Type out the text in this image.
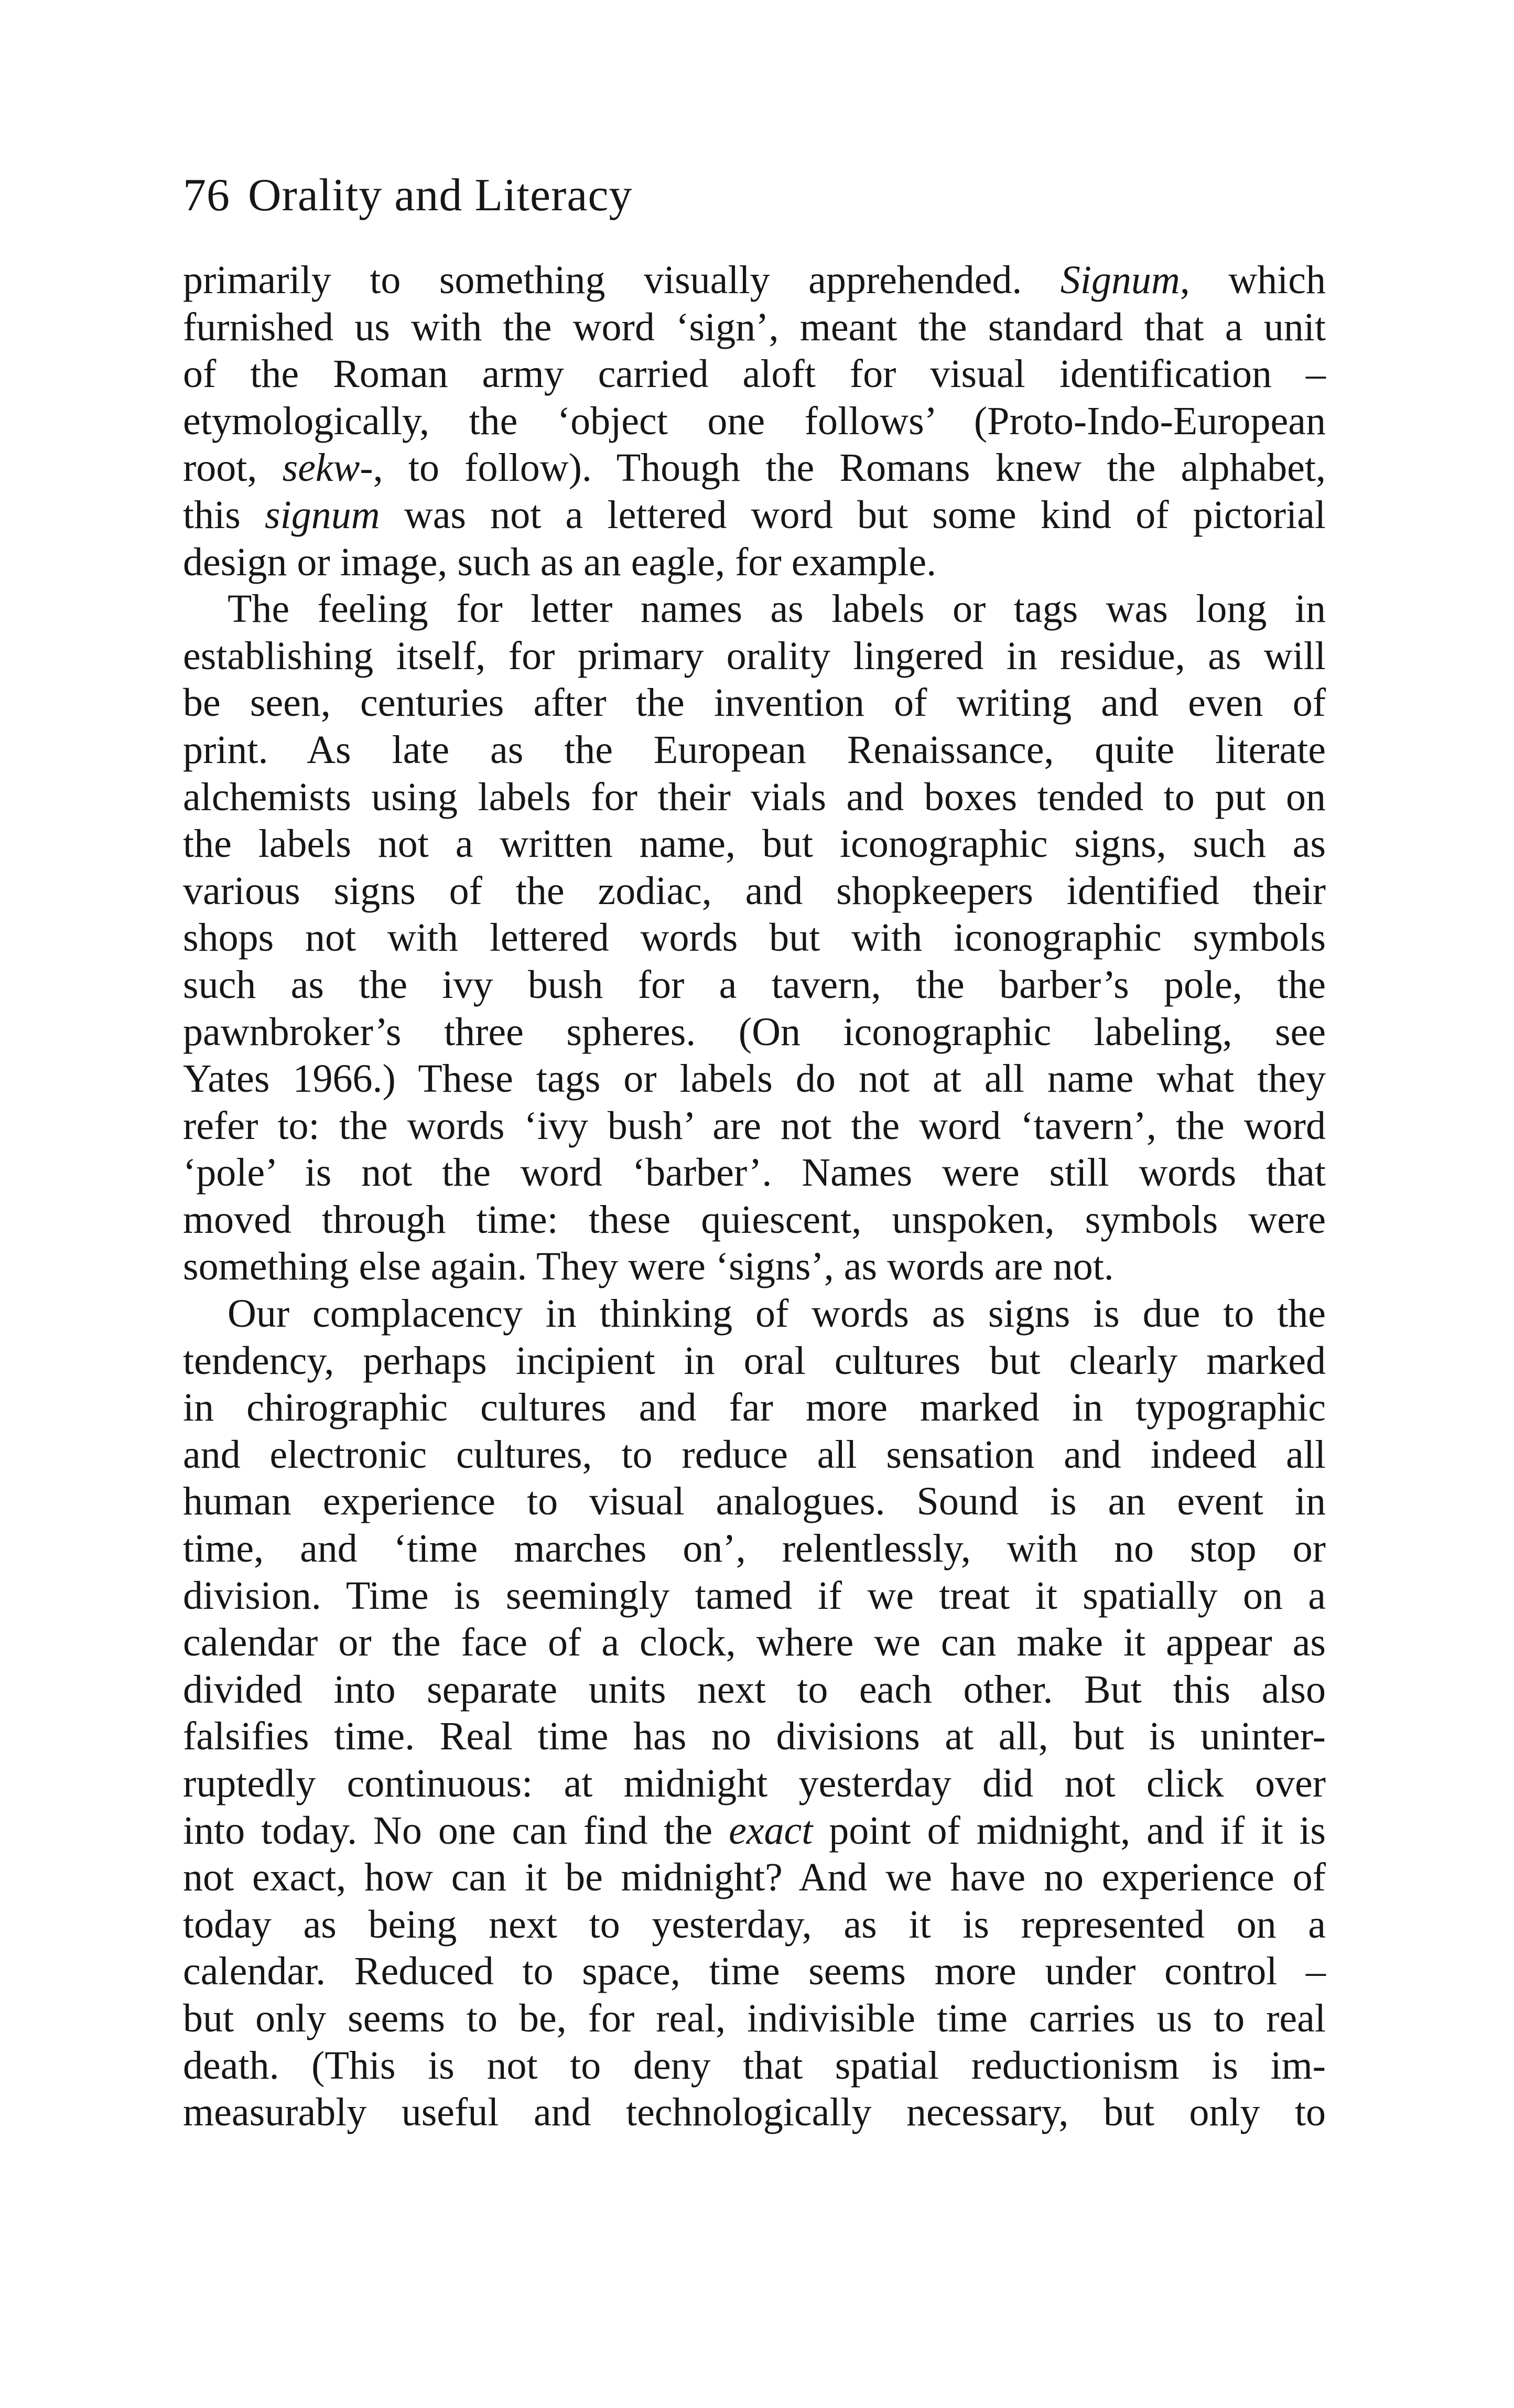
76 Orality and Literacy
primarily to something visually apprehended. Signum, which
furnished us with the word ‘sign’, meant the standard that a unit
of the Roman army carried aloft for visual identification –
etymologically, the ‘object one follows’ (Proto-Indo-European
root, sekw-, to follow). Though the Romans knew the alphabet,
this signum was not a lettered word but some kind of pictorial
design or image, such as an eagle, for example.
The feeling for letter names as labels or tags was long in
establishing itself, for primary orality lingered in residue, as will
be seen, centuries after the invention of writing and even of
print. As late as the European Renaissance, quite literate
alchemists using labels for their vials and boxes tended to put on
the labels not a written name, but iconographic signs, such as
various signs of the zodiac, and shopkeepers identified their
shops not with lettered words but with iconographic symbols
such as the ivy bush for a tavern, the barber’s pole, the
pawnbroker’s three spheres. (On iconographic labeling, see
Yates 1966.) These tags or labels do not at all name what they
refer to: the words ‘ivy bush’ are not the word ‘tavern’, the word
‘pole’ is not the word ‘barber’. Names were still words that
moved through time: these quiescent, unspoken, symbols were
something else again. They were ‘signs’, as words are not.
Our complacency in thinking of words as signs is due to the
tendency, perhaps incipient in oral cultures but clearly marked
in chirographic cultures and far more marked in typographic
and electronic cultures, to reduce all sensation and indeed all
human experience to visual analogues. Sound is an event in
time, and ‘time marches on’, relentlessly, with no stop or
division. Time is seemingly tamed if we treat it spatially on a
calendar or the face of a clock, where we can make it appear as
divided into separate units next to each other. But this also
falsifies time. Real time has no divisions at all, but is uninter-
ruptedly continuous: at midnight yesterday did not click over
into today. No one can find the exact point of midnight, and if it is
not exact, how can it be midnight? And we have no experience of
today as being next to yesterday, as it is represented on a
calendar. Reduced to space, time seems more under control –
but only seems to be, for real, indivisible time carries us to real
death. (This is not to deny that spatial reductionism is im-
measurably useful and technologically necessary, but only to
